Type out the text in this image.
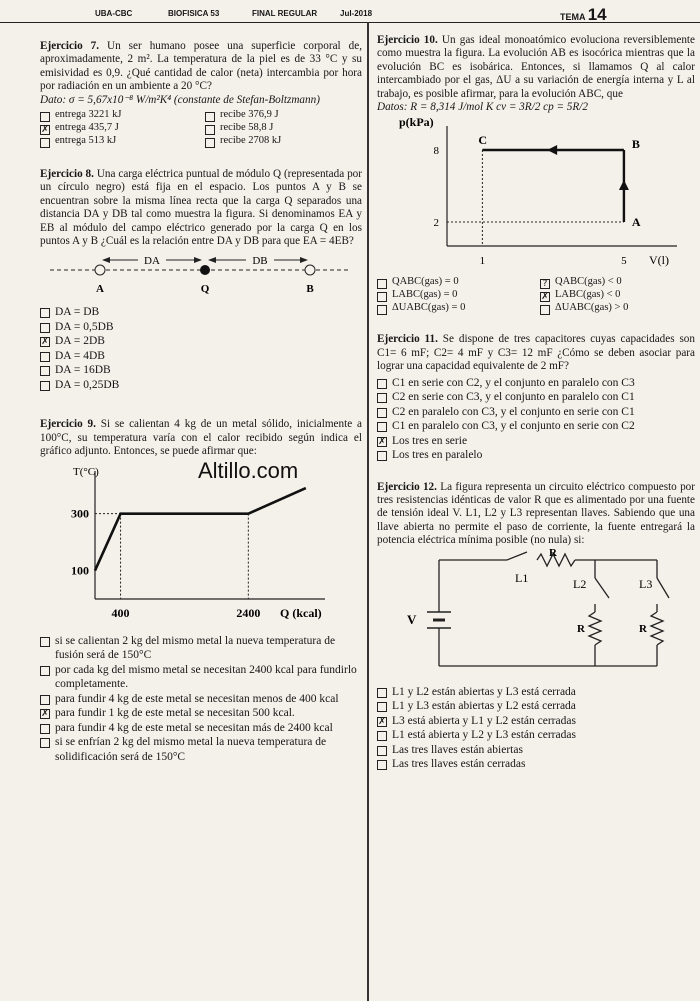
UBA-CBC	BIOFISICA 53	FINAL REGULAR	Jul-2018	TEMA 14

Ejercicio 7. Un ser humano posee una superficie corporal de, aproximadamente, 2 m². La temperatura de la piel es de 33 °C y su emisividad es 0,9. ¿Qué cantidad de calor (neta) intercambia por hora por radiación en un ambiente a 20 °C?

Dato: σ = 5,67x10⁻⁸ W/m²K⁴ (constante de Stefan-Boltzmann)

entrega 3221 kJ	recibe 376,9 J
✗ entrega 435,7 J	recibe 58,8 J
entrega 513 kJ	recibe 2708 kJ

Ejercicio 8. Una carga eléctrica puntual de módulo Q (representada por un círculo negro) está fija en el espacio. Los puntos A y B se encuentran sobre la misma línea recta que la carga Q separados una distancia DA y DB tal como muestra la figura. Si denominamos EA y EB al módulo del campo eléctrico generado por la carga Q en los puntos A y B ¿Cuál es la relación entre DA y DB para que EA = 4EB?

DA	DB
A	Q	B
DA = DB
DA = 0,5DB
✗ DA = 2DB
DA = 4DB
DA = 16DB
DA = 0,25DB

Ejercicio 9. Si se calientan 4 kg de un metal sólido, inicialmente a 100°C, su temperatura varía con el calor recibido según indica el gráfico adjunto. Entonces, se puede afirmar que:

T(°C)
Q (kcal)
400	2400
100
300
si se calientan 2 kg del mismo metal la nueva temperatura de fusión será de 150°C
por cada kg del mismo metal se necesitan 2400 kcal para fundirlo completamente.
para fundir 4 kg de este metal se necesitan menos de 400 kcal
✗ para fundir 1 kg de este metal se necesitan 500 kcal.
para fundir 4 kg de este metal se necesitan más de 2400 kcal
si se enfrían 2 kg del mismo metal la nueva temperatura de solidificación será de 150°C
Altillo.com

Ejercicio 10. Un gas ideal monoatómico evoluciona reversiblemente como muestra la figura. La evolución AB es isocórica mientras que la evolución BC es isobárica. Entonces, si llamamos Q al calor intercambiado por el gas, ΔU a su variación de energía interna y L al trabajo, es posible afirmar, para la evolución ABC, que

Datos: R = 8,314 J/mol K cv = 3R/2 cp = 5R/2

p(kPa)
V(l)
1	5
2
8
A
B
C
QABC(gas) = 0	? QABC(gas) < 0
LABC(gas) = 0	✗ LABC(gas) < 0
ΔUABC(gas) = 0	ΔUABC(gas) > 0

Ejercicio 11. Se dispone de tres capacitores cuyas capacidades son C1= 6 mF; C2= 4 mF y C3= 12 mF ¿Cómo se deben asociar para lograr una capacidad equivalente de 2 mF?

C1 en serie con C2, y el conjunto en paralelo con C3
C2 en serie con C3, y el conjunto en paralelo con C1
C2 en paralelo con C3, y el conjunto en serie con C1
C1 en paralelo con C3, y el conjunto en serie con C2
✗ Los tres en serie
Los tres en paralelo

Ejercicio 12. La figura representa un circuito eléctrico compuesto por tres resistencias idénticas de valor R que es alimentado por una fuente de tensión ideal V. L1, L2 y L3 representan llaves. Sabiendo que una llave abierta no permite el paso de corriente, la fuente entregará la potencia eléctrica mínima posible (no nula) si:

R
R	R
L1	L2	L3
V
L1 y L2 están abiertas y L3 está cerrada
L1 y L3 están abiertas y L2 está cerrada
✗ L3 está abierta y L1 y L2 están cerradas
L1 está abierta y L2 y L3 están cerradas
Las tres llaves están abiertas
Las tres llaves están cerradas
